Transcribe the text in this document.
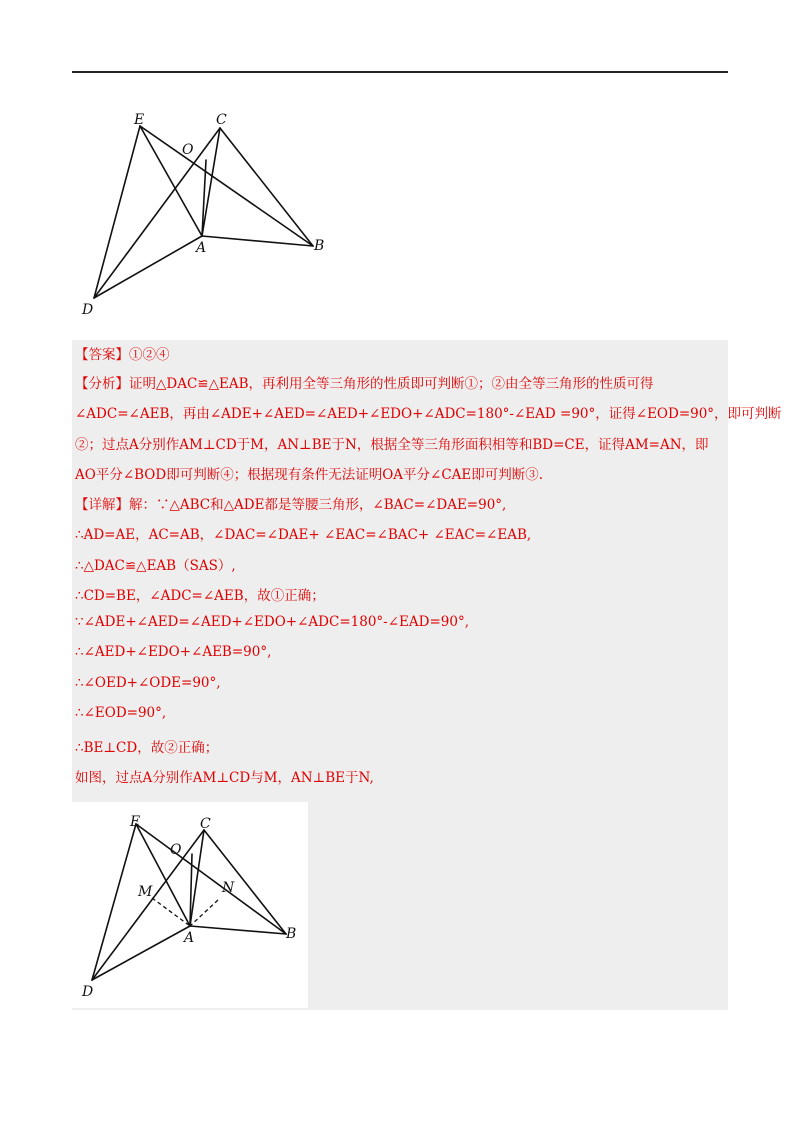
E	C
O
A	B
D
【答案】①②④
【分析】证明△DAC≌△EAB，再利用全等三角形的性质即可判断①；②由全等三角形的性质可得
∠ADC=∠AEB，再由∠ADE+∠AED=∠AED+∠EDO+∠ADC=180°-∠EAD =90°，证得∠EOD=90°，即可判断
②；过点A分别作AM⊥CD于M，AN⊥BE于N，根据全等三角形面积相等和BD=CE，证得AM=AN，即
AO平分∠BOD即可判断④；根据现有条件无法证明OA平分∠CAE即可判断③.
【详解】解：∵△ABC和△ADE都是等腰三角形，∠BAC=∠DAE=90°,
∴AD=AE，AC=AB，∠DAC=∠DAE+ ∠EAC=∠BAC+ ∠EAC=∠EAB,
∴△DAC≌△EAB（SAS）,
∴CD=BE，∠ADC=∠AEB，故①正确；
∵∠ADE+∠AED=∠AED+∠EDO+∠ADC=180°-∠EAD=90°,
∴∠AED+∠EDO+∠AEB=90°,
∴∠OED+∠ODE=90°,
∴∠EOD=90°,
∴BE⊥CD，故②正确；
如图，过点A分别作AM⊥CD与M，AN⊥BE于N,
E	C
O
M	N
A	B
D
